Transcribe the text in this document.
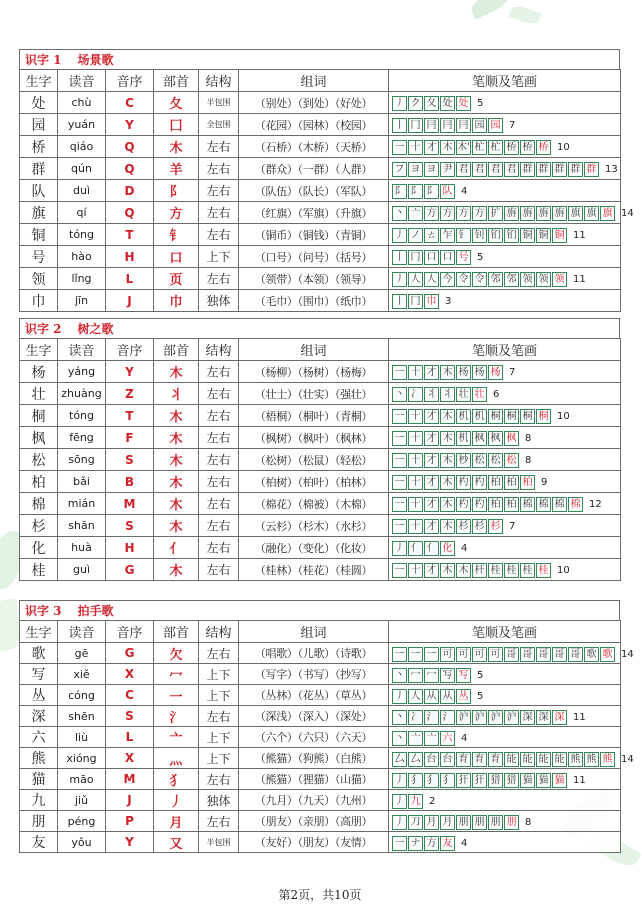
识字 1 场景歌
生字	读音	音序	部首	结构	组词	笔顺及笔画
处	chù	C	夂	半包围	（别处）（到处）（好处）	丿 ク 夂 处 处 5
园	yuán	Y	囗	全包围	（花园）（园林）（校园）	丨 冂 冃 冃 冃 园 园 7
桥	qiáo	Q	木	左右	（石桥）（木桥）（天桥）	一 十 才 木 木' 杧 杧 桥 桥 桥 10
群	qún	Q	羊	左右	（群众）（一群）（人群）	フ ヨ ヨ 尹 君 君 君 君 群 群 群 群 群 13
队	duì	D	阝	左右	（队伍）（队长）（军队）	阝 阝 阝 队 4
旗	qí	Q	方	左右	（红旗）（军旗）（升旗）	丶 亠 方 方 方 方 扩 旃 旃 旃 旃 旗 旗 旗 14
铜	tóng	T	钅	左右	（铜币）（铜钱）（青铜）	丿 ノ ㄊ 乍 钅 钊 钔 钔 铜 铜 铜 11
号	hào	H	口	上下	（口号）（问号）（括号）	丨 冂 口 口 号 5
领	lǐng	L	页	左右	（领带）（本领）（领导）	丿 人 人 今 令 令 邻 邻 领 领 领 11
巾	jīn	J	巾	独体	（毛巾）（围巾）（纸巾）	丨 冂 巾 3
识字 2 树之歌
生字	读音	音序	部首	结构	组词	笔顺及笔画
杨	yáng	Y	木	左右	（杨柳）（杨树）（杨梅）	一 十 才 木 杨 杨 杨 7
壮	zhuàng	Z	丬	左右	（壮士）（壮实）（强壮）	丶 冫 丬 丬 壮 壮 6
桐	tóng	T	木	左右	（梧桐）（桐叶）（青桐）	一 十 才 木 机 机 桐 桐 桐 桐 10
枫	fēng	F	木	左右	（枫树）（枫叶）（枫林）	一 十 才 木 机 枫 枫 枫 8
松	sōng	S	木	左右	（松树）（松鼠）（轻松）	一 十 才 木 杪 松 松 松 8
柏	bǎi	B	木	左右	（柏树）（柏叶）（柏林）	一 十 才 木 杓 杓 柏 柏 柏 9
棉	mián	M	木	左右	（棉花）（棉被）（木棉）	一 十 才 木 杓 杓 柏 柏 棉 棉 棉 棉 12
杉	shān	S	木	左右	（云杉）（杉木）（水杉）	一 十 才 木 杉 杉 杉 7
化	huà	H	亻	左右	（融化）（变化）（化妆）	丿 亻 亻 化 4
桂	guì	G	木	左右	（桂林）（桂花）（桂圆）	一 十 才 木 木 杆 桂 桂 桂 桂 10
识字 3 拍手歌
生字	读音	音序	部首	结构	组词	笔顺及笔画
歌	gē	G	欠	左右	（唱歌）（儿歌）（诗歌）	一 一 一 可 可 可 可 哥 哥 哥 哥 哥 歌 歌 14
写	xiě	X	冖	上下	（写字）（书写）（抄写）	丶 冖 冖 写 写 5
丛	cóng	C	一	上下	（丛林）（花丛）（草丛）	丿 人 从 从 丛 5
深	shēn	S	氵	左右	（深浅）（深入）（深处）	丶 冫 氵 氵 沪 沪 沪 沪 深 深 深 11
六	liù	L	亠	上下	（六个）（六只）（六天）	丶 亠 亠 六 4
熊	xióng	X	灬	上下	（熊猫）（狗熊）（白熊）	厶 厶 台 台 育 育 育 能 能 能 能 熊 熊 熊 14
猫	māo	M	犭	左右	（熊猫）（狸猫）（山猫）	丿 犭 犭 犭 犴 犴 猎 猎 猫 猫 猫 11
九	jiǔ	J	丿	独体	（九月）（九天）（九州）	丿 九 2
朋	péng	P	月	左右	（朋友）（亲朋）（高朋）	丿 刀 月 月 朋 朋 朋 朋 8
友	yǒu	Y	又	半包围	（友好）（朋友）（友情）	一 ナ 方 友 4
第2页，共10页
